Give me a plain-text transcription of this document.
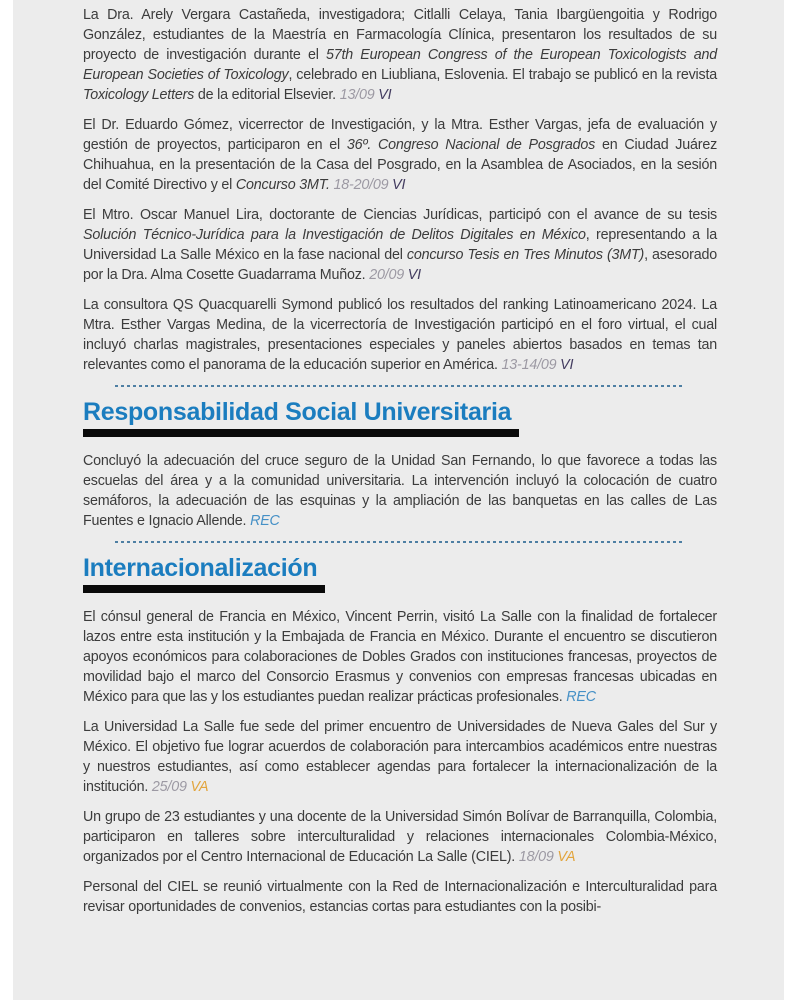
La Dra. Arely Vergara Castañeda, investigadora; Citlalli Celaya, Tania Ibargüengoitia y Rodrigo González, estudiantes de la Maestría en Farmacología Clínica, presentaron los resultados de su proyecto de investigación durante el 57th European Congress of the European Toxicologists and European Societies of Toxicology, celebrado en Liubliana, Eslovenia. El trabajo se publicó en la revista Toxicology Letters de la editorial Elsevier. 13/09 VI

El Dr. Eduardo Gómez, vicerrector de Investigación, y la Mtra. Esther Vargas, jefa de evaluación y gestión de proyectos, participaron en el 36º. Congreso Nacional de Posgrados en Ciudad Juárez Chihuahua, en la presentación de la Casa del Posgrado, en la Asamblea de Asociados, en la sesión del Comité Directivo y el Concurso 3MT. 18-20/09 VI

El Mtro. Oscar Manuel Lira, doctorante de Ciencias Jurídicas, participó con el avance de su tesis Solución Técnico-Jurídica para la Investigación de Delitos Digitales en México, representando a la Universidad La Salle México en la fase nacional del concurso Tesis en Tres Minutos (3MT), asesorado por la Dra. Alma Cosette Guadarrama Muñoz. 20/09 VI

La consultora QS Quacquarelli Symond publicó los resultados del ranking Latinoamericano 2024. La Mtra. Esther Vargas Medina, de la vicerrectoría de Investigación participó en el foro virtual, el cual incluyó charlas magistrales, presentaciones especiales y paneles abiertos basados en temas tan relevantes como el panorama de la educación superior en América. 13-14/09 VI

Responsabilidad Social Universitaria

Concluyó la adecuación del cruce seguro de la Unidad San Fernando, lo que favorece a todas las escuelas del área y a la comunidad universitaria. La intervención incluyó la colocación de cuatro semáforos, la adecuación de las esquinas y la ampliación de las banquetas en las calles de Las Fuentes e Ignacio Allende. REC

Internacionalización

El cónsul general de Francia en México, Vincent Perrin, visitó La Salle con la finalidad de fortalecer lazos entre esta institución y la Embajada de Francia en México. Durante el encuentro se discutieron apoyos económicos para colaboraciones de Dobles Grados con instituciones francesas, proyectos de movilidad bajo el marco del Consorcio Erasmus y convenios con empresas francesas ubicadas en México para que las y los estudiantes puedan realizar prácticas profesionales. REC

La Universidad La Salle fue sede del primer encuentro de Universidades de Nueva Gales del Sur y México. El objetivo fue lograr acuerdos de colaboración para intercambios académicos entre nuestras y nuestros estudiantes, así como establecer agendas para fortalecer la internacionalización de la institución. 25/09 VA

Un grupo de 23 estudiantes y una docente de la Universidad Simón Bolívar de Barranquilla, Colombia, participaron en talleres sobre interculturalidad y relaciones internacionales Colombia-México, organizados por el Centro Internacional de Educación La Salle (CIEL). 18/09 VA

Personal del CIEL se reunió virtualmente con la Red de Internacionalización e Interculturalidad para revisar oportunidades de convenios, estancias cortas para estudiantes con la posibi-
